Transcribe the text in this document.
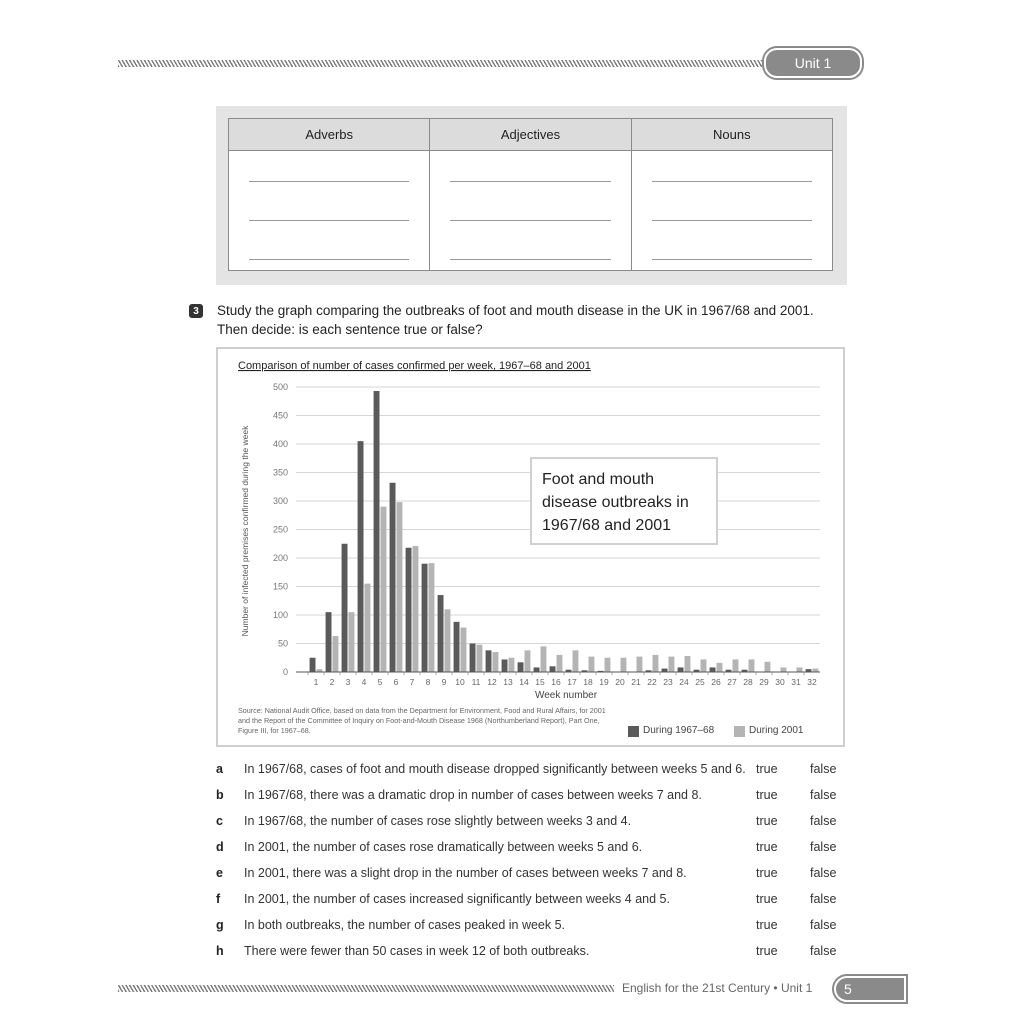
Unit 1
Adverbs	Adjectives	Nouns
3	Study the graph comparing the outbreaks of foot and mouth disease in the UK in 1967/68 and 2001. Then decide: is each sentence true or false?
0
50
100
150
200
250
300
350
400
450
500
1 2 3 4 5 6 7 8 9 10 11 12 13 14 15 16 17 18 19 20 21 22 23 24 25 26 27 28 29 30 31 32
Comparison of number of cases confirmed per week, 1967–68 and 2001
Number of infected premises confirmed during the week
Week number
Foot and mouth disease outbreaks in 1967/68 and 2001
Source: National Audit Office, based on data from the Department for Environment, Food and Rural Affairs, for 2001 and the Report of the Committee of Inquiry on Foot-and-Mouth Disease 1968 (Northumberland Report), Part One, Figure III, for 1967–68.	During 1967–68	During 2001
a In 1967/68, cases of foot and mouth disease dropped significantly between weeks 5 and 6. true	false
b In 1967/68, there was a dramatic drop in number of cases between weeks 7 and 8.	true	false
c In 1967/68, the number of cases rose slightly between weeks 3 and 4.	true	false
d In 2001, the number of cases rose dramatically between weeks 5 and 6.	true	false
e In 2001, there was a slight drop in the number of cases between weeks 7 and 8.	true	false
f In 2001, the number of cases increased significantly between weeks 4 and 5.	true	false
g In both outbreaks, the number of cases peaked in week 5.	true	false
h There were fewer than 50 cases in week 12 of both outbreaks.	true	false
English for the 21st Century • Unit 1 5
